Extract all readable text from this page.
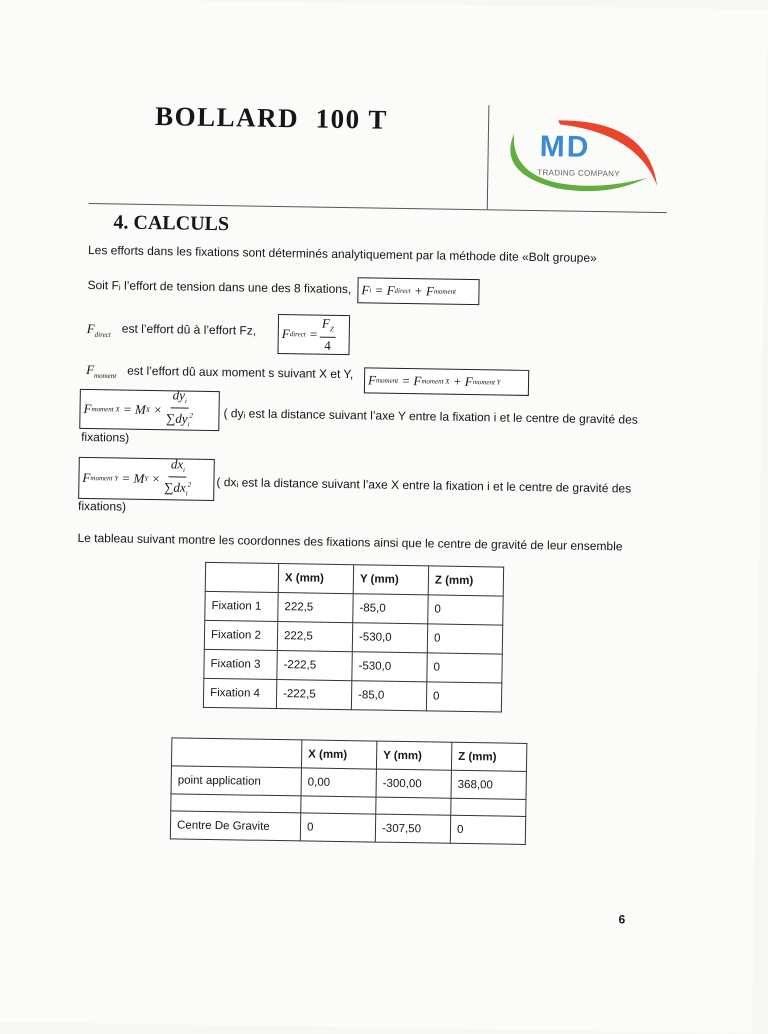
BOLLARD  100 T
MD
TRADING COMPANY
4. CALCULS
Les efforts dans les fixations sont déterminés analytiquement par la méthode dite «Bolt groupe»
Soit Fᵢ l’effort de tension dans une des 8 fixations, F i = F direct + F moment
$F_{direct}$ est l’effort dû à l’effort Fz,	F direct = $\frac{F_Z}{4}$
$F_{moment}$ est l’effort dû aux moment s suivant X et Y,	F moment = F moment X + F moment Y
F moment X = M $X \times \frac{dy_i}{\sum dy_i^2}$ ( dyᵢ est la distance suivant l’axe Y entre la fixation i et le centre de gravité des
fixations)
F moment Y = M $Y \times \frac{dx_i}{\sum dx_i^2}$ ( dxᵢ est la distance suivant l’axe X entre la fixation i et le centre de gravité des
fixations)
Le tableau suivant montre les coordonnes des fixations ainsi que le centre de gravité de leur ensemble
	X (mm)	Y (mm)	Z (mm)
Fixation 1	222,5	-85,0	0
Fixation 2	222,5	-530,0	0
Fixation 3	-222,5	-530,0	0
Fixation 4	-222,5	-85,0	0
	X (mm)	Y (mm)	Z (mm)
point application	0,00	-300,00	368,00

Centre De Gravite	0	-307,50	0
6
